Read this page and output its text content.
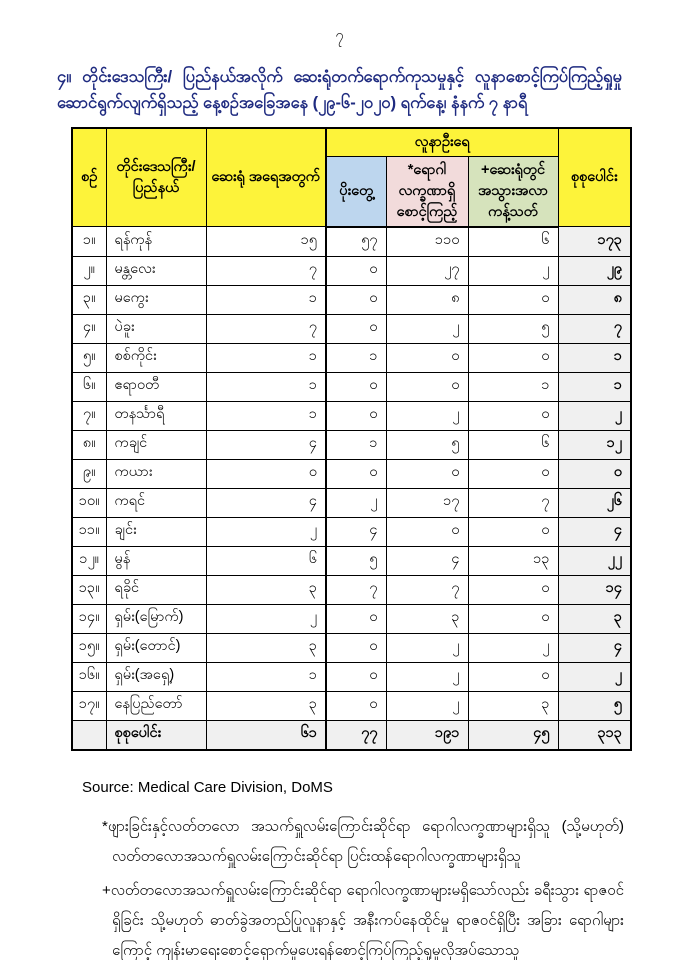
၇
၄။ တိုင်းဒေသကြီး/ ပြည်နယ်အလိုက် ဆေးရုံတက်ရောက်ကုသမှုနှင့် လူနာစောင့်ကြပ်ကြည့်ရှုမှု ဆောင်ရွက်လျက်ရှိသည့် နေ့စဉ်အခြေအနေ (၂၉-၆-၂၀၂၀) ရက်နေ့၊ နံနက် ၇ နာရီ
စဉ်	တိုင်းဒေသကြီး/ ပြည်နယ်	ဆေးရုံ အရေအတွက်	လူနာဦးရေ			စုစုပေါင်း
			ပိုးတွေ့	*ရောဂါ လက္ခဏာရှိ စောင့်ကြည့်	+ဆေးရုံတွင် အသွားအလာ ကန့်သတ်	
၁။	ရန်ကုန်	၁၅	၅၇	၁၁၀	၆	၁၇၃
၂။	မန္တလေး	၇	၀	၂၇	၂	၂၉
၃။	မကွေး	၁	၀	၈	၀	၈
၄။	ပဲခူး	၇	၀	၂	၅	၇
၅။	စစ်ကိုင်း	၁	၁	၀	၀	၁
၆။	ဧရာဝတီ	၁	၀	၀	၁	၁
၇။	တနင်္သာရီ	၁	၀	၂	၀	၂
၈။	ကချင်	၄	၁	၅	၆	၁၂
၉။	ကယား	၀	၀	၀	၀	၀
၁၀။	ကရင်	၄	၂	၁၇	၇	၂၆
၁၁။	ချင်း	၂	၄	၀	၀	၄
၁၂။	မွန်	၆	၅	၄	၁၃	၂၂
၁၃။	ရခိုင်	၃	၇	၇	၀	၁၄
၁၄။	ရှမ်း(မြောက်)	၂	၀	၃	၀	၃
၁၅။	ရှမ်း(တောင်)	၃	၀	၂	၂	၄
၁၆။	ရှမ်း(အရှေ့)	၁	၀	၂	၀	၂
၁၇။	နေပြည်တော်	၃	၀	၂	၃	၅
	စုစုပေါင်း	၆၁	၇၇	၁၉၁	၄၅	၃၁၃
Source: Medical Care Division, DoMS
*ဖျားခြင်းနှင့်လတ်တလော အသက်ရှူလမ်းကြောင်းဆိုင်ရာ ရောဂါလက္ခဏာများရှိသူ (သို့မဟုတ်) လတ်တလောအသက်ရှူလမ်းကြောင်းဆိုင်ရာ ပြင်းထန်ရောဂါလက္ခဏာများရှိသူ
+လတ်တလောအသက်ရှူလမ်းကြောင်းဆိုင်ရာ ရောဂါလက္ခဏာများမရှိသော်လည်း ခရီးသွား ရာဇဝင်ရှိခြင်း သို့မဟုတ် ဓာတ်ခွဲအတည်ပြုလူနာနှင့် အနီးကပ်နေထိုင်မှု ရာဇဝင်ရှိပြီး အခြား ရောဂါများကြောင့် ကျန်းမာရေးစောင့်ရှောက်မှုပေးရန်စောင့်ကြပ်ကြည့်ရှုမှုလိုအပ်သောသူ
